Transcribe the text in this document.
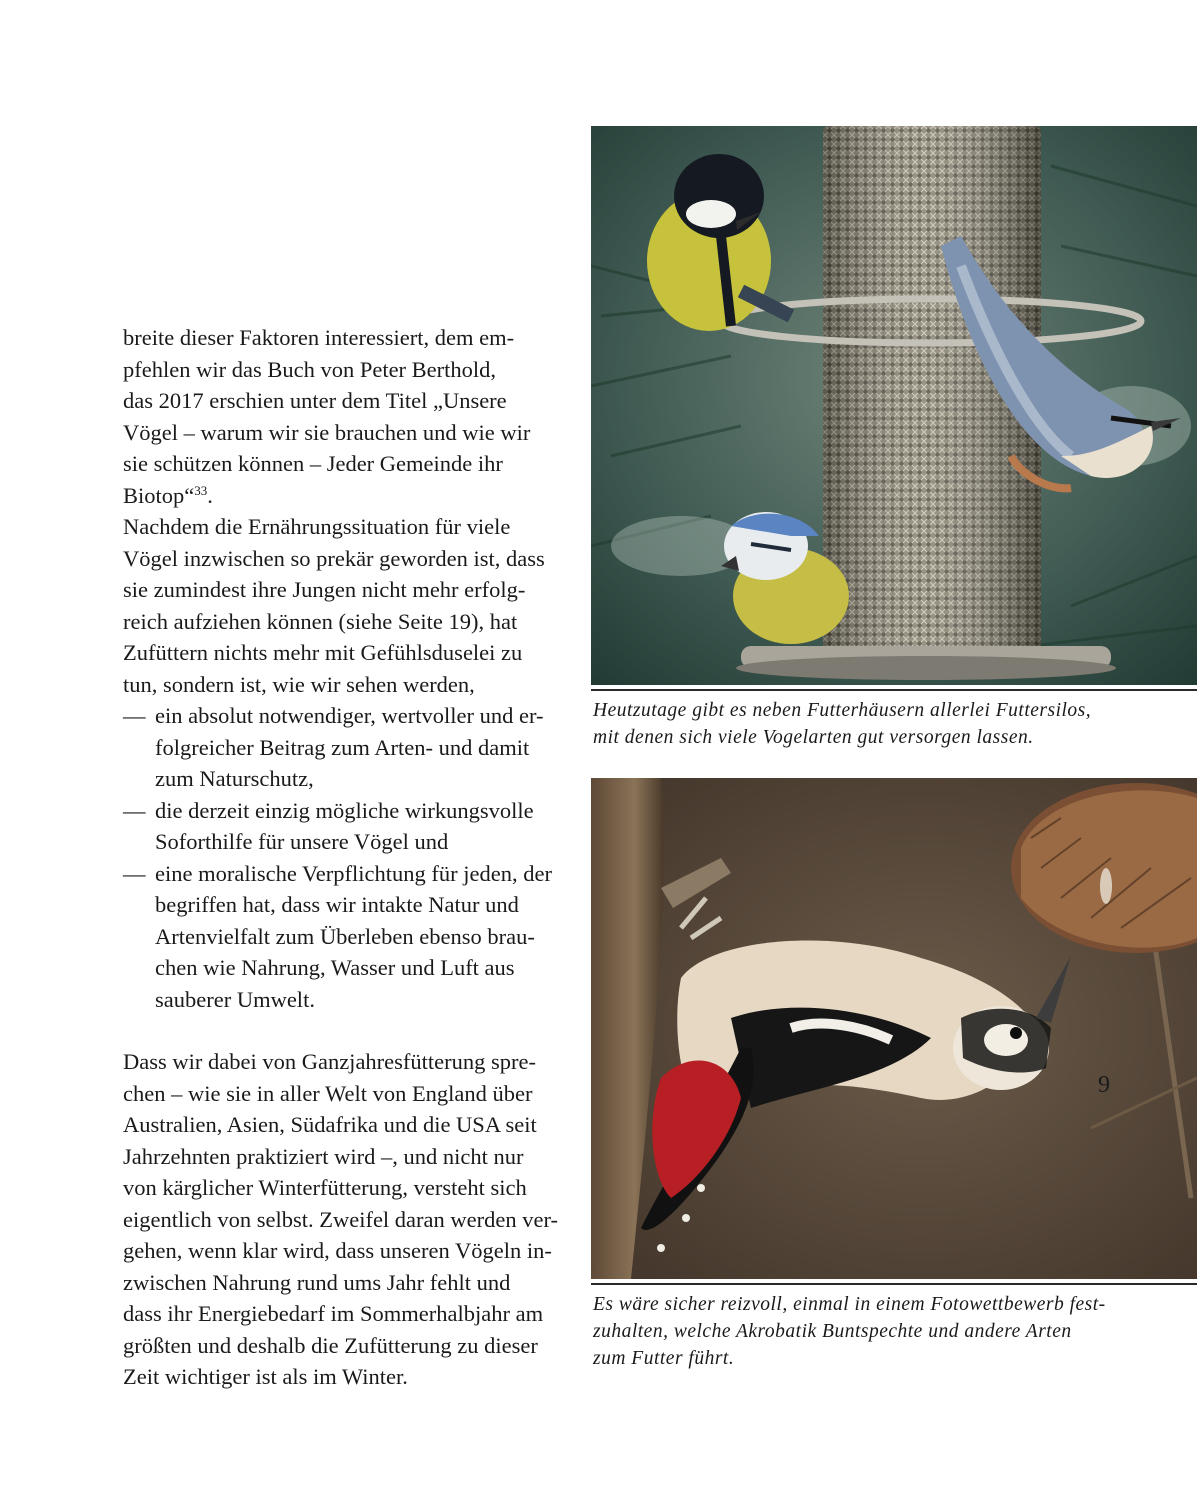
breite dieser Faktoren interessiert, dem em-
pfehlen wir das Buch von Peter Berthold,
das 2017 erschien unter dem Titel „Unsere
Vögel – warum wir sie brauchen und wie wir
sie schützen können – Jeder Gemeinde ihr
Biotop“$^{33}$.

Nachdem die Ernährungssituation für viele
Vögel inzwischen so prekär geworden ist, dass
sie zumindest ihre Jungen nicht mehr erfolg-
reich aufziehen können (siehe Seite 19), hat
Zufüttern nichts mehr mit Gefühlsduselei zu
tun, sondern ist, wie wir sehen werden,

— ein absolut notwendiger, wertvoller und er-
folgreicher Beitrag zum Arten- und damit
zum Naturschutz,
— die derzeit einzig mögliche wirkungsvolle
Soforthilfe für unsere Vögel und
— eine moralische Verpflichtung für jeden, der
begriffen hat, dass wir intakte Natur und
Artenvielfalt zum Überleben ebenso brau-
chen wie Nahrung, Wasser und Luft aus
sauberer Umwelt.

Dass wir dabei von Ganzjahresfütterung spre-
chen – wie sie in aller Welt von England über
Australien, Asien, Südafrika und die USA seit
Jahrzehnten praktiziert wird –, und nicht nur
von kärglicher Winterfütterung, versteht sich
eigentlich von selbst. Zweifel daran werden ver-
gehen, wenn klar wird, dass unseren Vögeln in-
zwischen Nahrung rund ums Jahr fehlt und
dass ihr Energiebedarf im Sommerhalbjahr am
größten und deshalb die Zufütterung zu dieser
Zeit wichtiger ist als im Winter.

Heutzutage gibt es neben Futterhäusern allerlei Futtersilos,
mit denen sich viele Vogelarten gut versorgen lassen.
Es wäre sicher reizvoll, einmal in einem Fotowettbewerb fest-
zuhalten, welche Akrobatik Buntspechte und andere Arten
zum Futter führt.
9
